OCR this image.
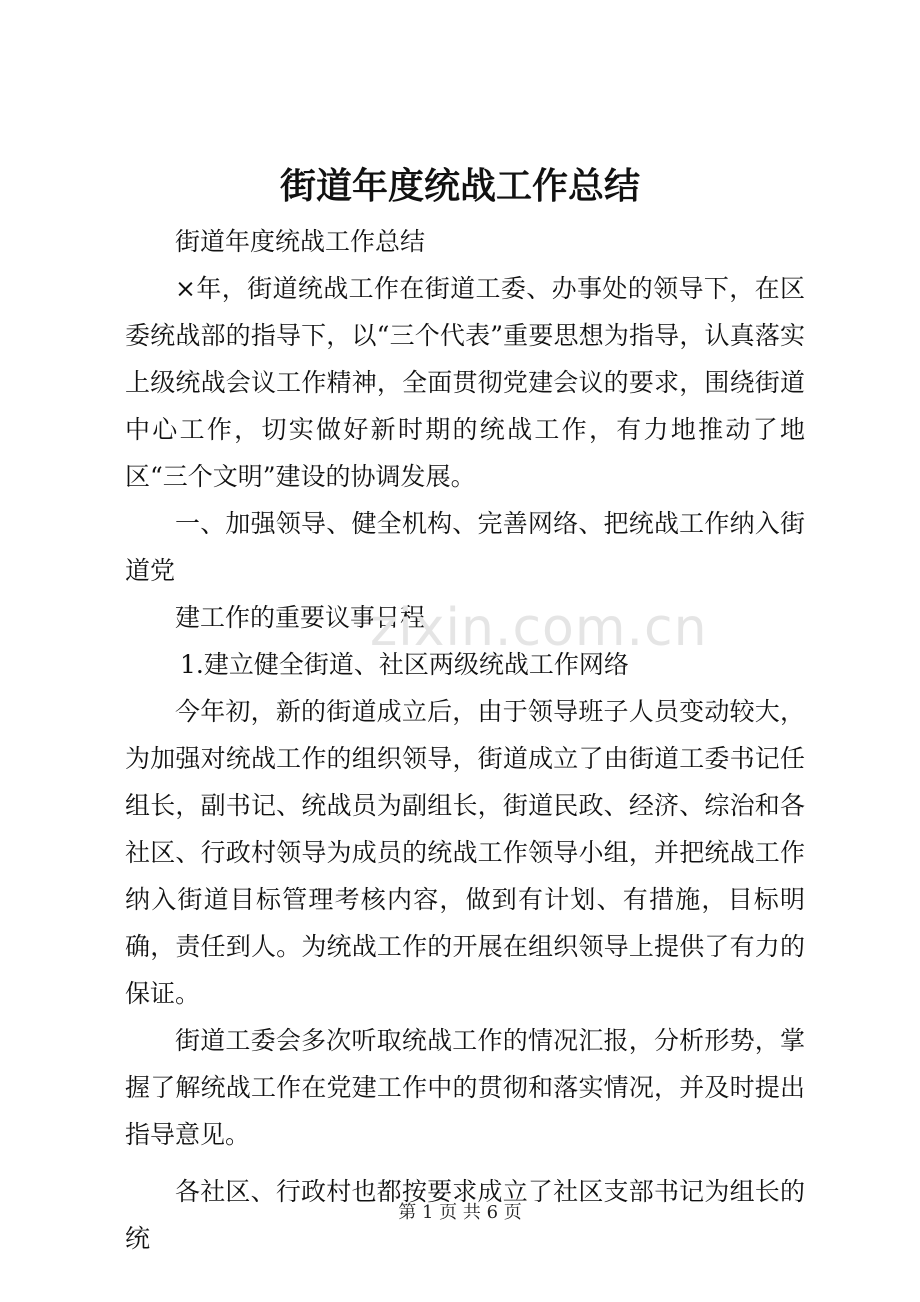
街道年度统战工作总结

街道年度统战工作总结

×年，街道统战工作在街道工委、办事处的领导下，在区委统战部的指导下，以“三个代表”重要思想为指导，认真落实上级统战会议工作精神，全面贯彻党建会议的要求，围绕街道中心工作，切实做好新时期的统战工作，有力地推动了地区“三个文明”建设的协调发展。

一、加强领导、健全机构、完善网络、把统战工作纳入街道党

建工作的重要议事日程

1.建立健全街道、社区两级统战工作网络

今年初，新的街道成立后，由于领导班子人员变动较大，为加强对统战工作的组织领导，街道成立了由街道工委书记任组长，副书记、统战员为副组长，街道民政、经济、综治和各社区、行政村领导为成员的统战工作领导小组，并把统战工作纳入街道目标管理考核内容，做到有计划、有措施，目标明确，责任到人。为统战工作的开展在组织领导上提供了有力的保证。

街道工委会多次听取统战工作的情况汇报，分析形势，掌握了解统战工作在党建工作中的贯彻和落实情况，并及时提出指导意见。

各社区、行政村也都按要求成立了社区支部书记为组长的统

zixin.com.cn
第 1 页 共 6 页
